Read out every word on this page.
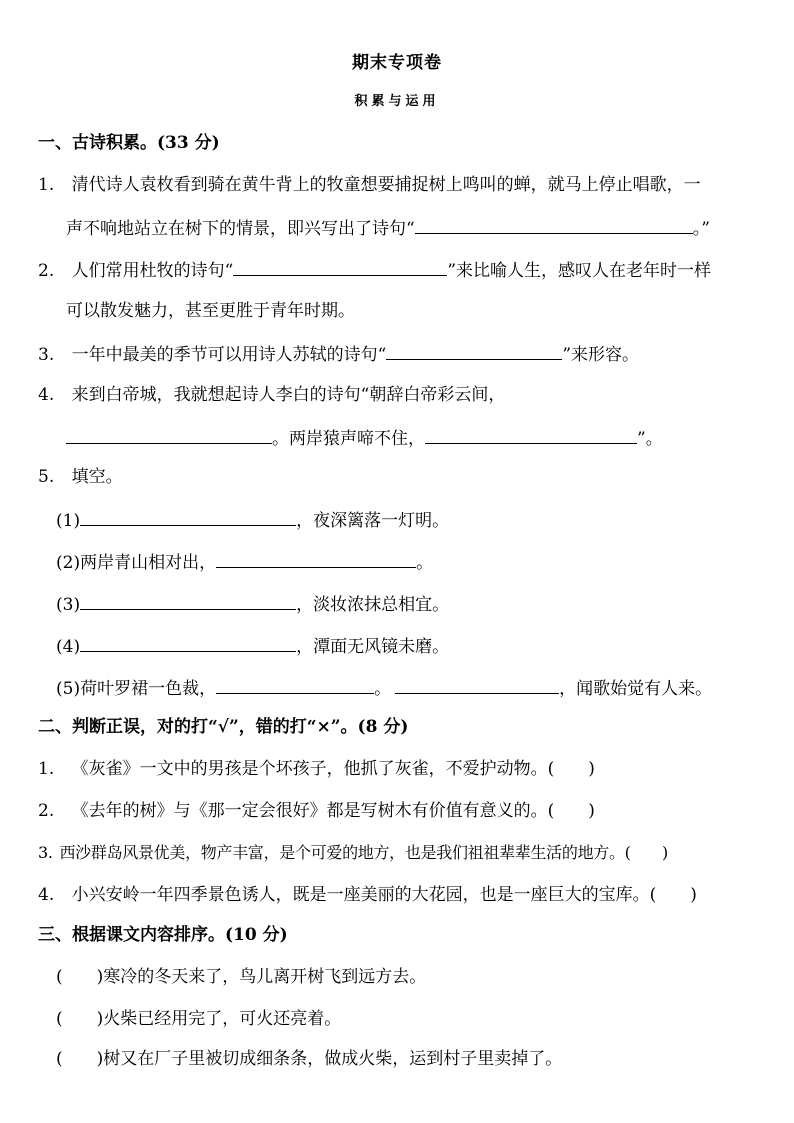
期末专项卷
积累与运用
一、古诗积累。(33 分)
1. 清代诗人袁枚看到骑在黄牛背上的牧童想要捕捉树上鸣叫的蝉，就马上停止唱歌，一
声不响地站立在树下的情景，即兴写出了诗句“	。”
2. 人们常用杜牧的诗句“	”来比喻人生，感叹人在老年时一样
可以散发魅力，甚至更胜于青年时期。
3. 一年中最美的季节可以用诗人苏轼的诗句“	”来形容。
4. 来到白帝城，我就想起诗人李白的诗句“朝辞白帝彩云间，
。两岸猿声啼不住，	”。
5. 填空。
(1)	，夜深篱落一灯明。
(2)两岸青山相对出，	。
(3)	，淡妆浓抹总相宜。
(4)	，潭面无风镜未磨。
(5)荷叶罗裙一色裁，	。	，闻歌始觉有人来。
二、判断正误，对的打“√”，错的打“×”。(8 分)
1. 《灰雀》一文中的男孩是个坏孩子，他抓了灰雀，不爱护动物。(　　)
2. 《去年的树》与《那一定会很好》都是写树木有价值有意义的。(　　)
3. 西沙群岛风景优美，物产丰富，是个可爱的地方，也是我们祖祖辈辈生活的地方。(　　)
4. 小兴安岭一年四季景色诱人，既是一座美丽的大花园，也是一座巨大的宝库。(　　)
三、根据课文内容排序。(10 分)
(　　)寒冷的冬天来了，鸟儿离开树飞到远方去。
(　　)火柴已经用完了，可火还亮着。
(　　)树又在厂子里被切成细条条，做成火柴，运到村子里卖掉了。
